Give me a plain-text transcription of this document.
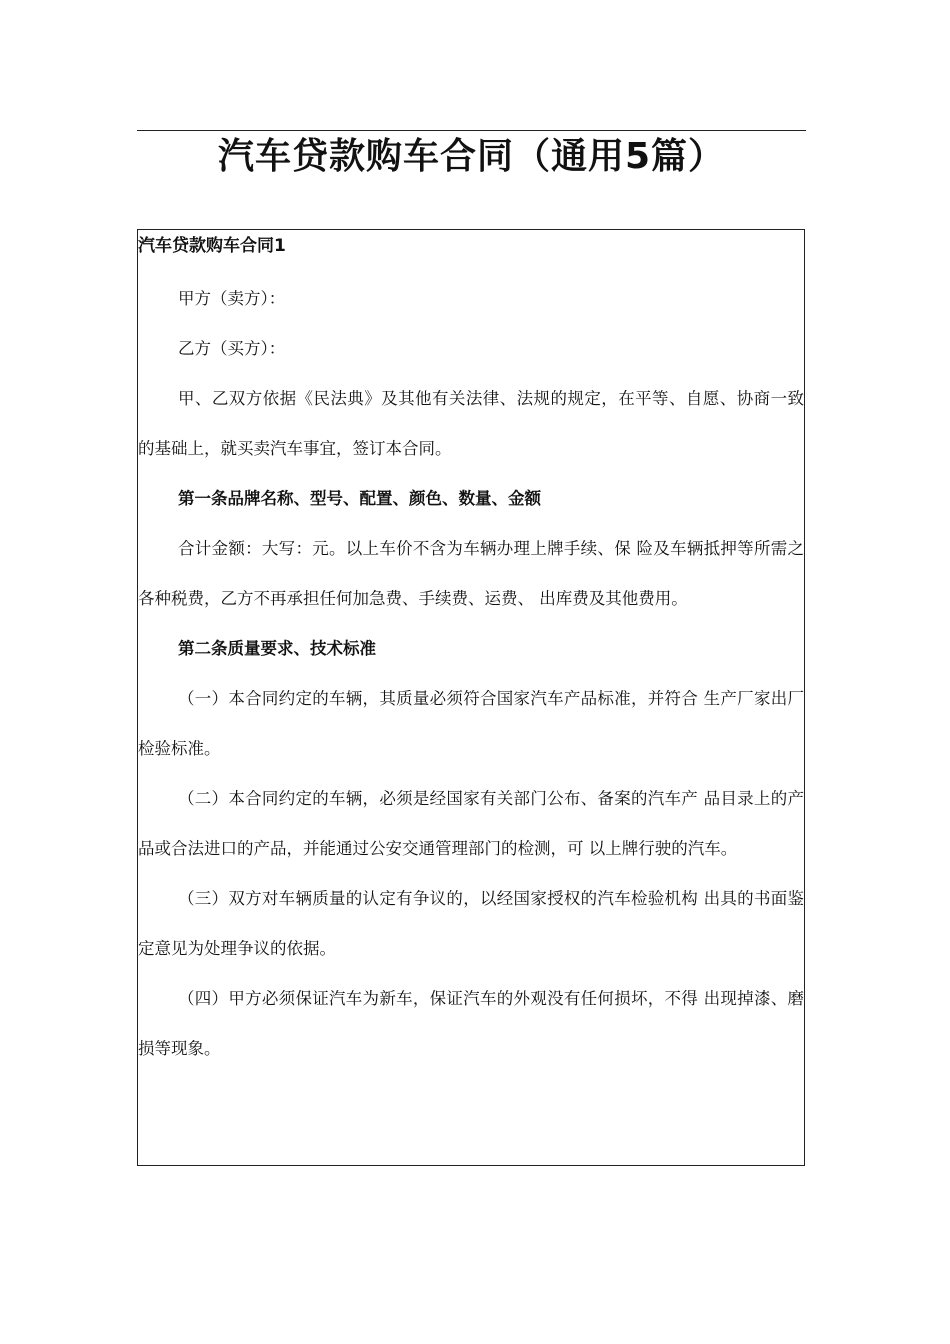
汽车贷款购车合同（通用5篇）
汽车贷款购车合同1

甲方（卖方）：

乙方（买方）：

甲、乙双方依据《民法典》及其他有关法律、法规的规定，在平等、自愿、协商一致的基础上，就买卖汽车事宜，签订本合同。

第一条品牌名称、型号、配置、颜色、数量、金额

合计金额：大写：元。以上车价不含为车辆办理上牌手续、保 险及车辆抵押等所需之各种税费，乙方不再承担任何加急费、手续费、运费、 出库费及其他费用。

第二条质量要求、技术标准

（一）本合同约定的车辆，其质量必须符合国家汽车产品标准，并符合 生产厂家出厂检验标准。

（二）本合同约定的车辆，必须是经国家有关部门公布、备案的汽车产 品目录上的产品或合法进口的产品，并能通过公安交通管理部门的检测，可 以上牌行驶的汽车。

（三）双方对车辆质量的认定有争议的，以经国家授权的汽车检验机构 出具的书面鉴定意见为处理争议的依据。

（四）甲方必须保证汽车为新车，保证汽车的外观没有任何损坏，不得 出现掉漆、磨损等现象。
